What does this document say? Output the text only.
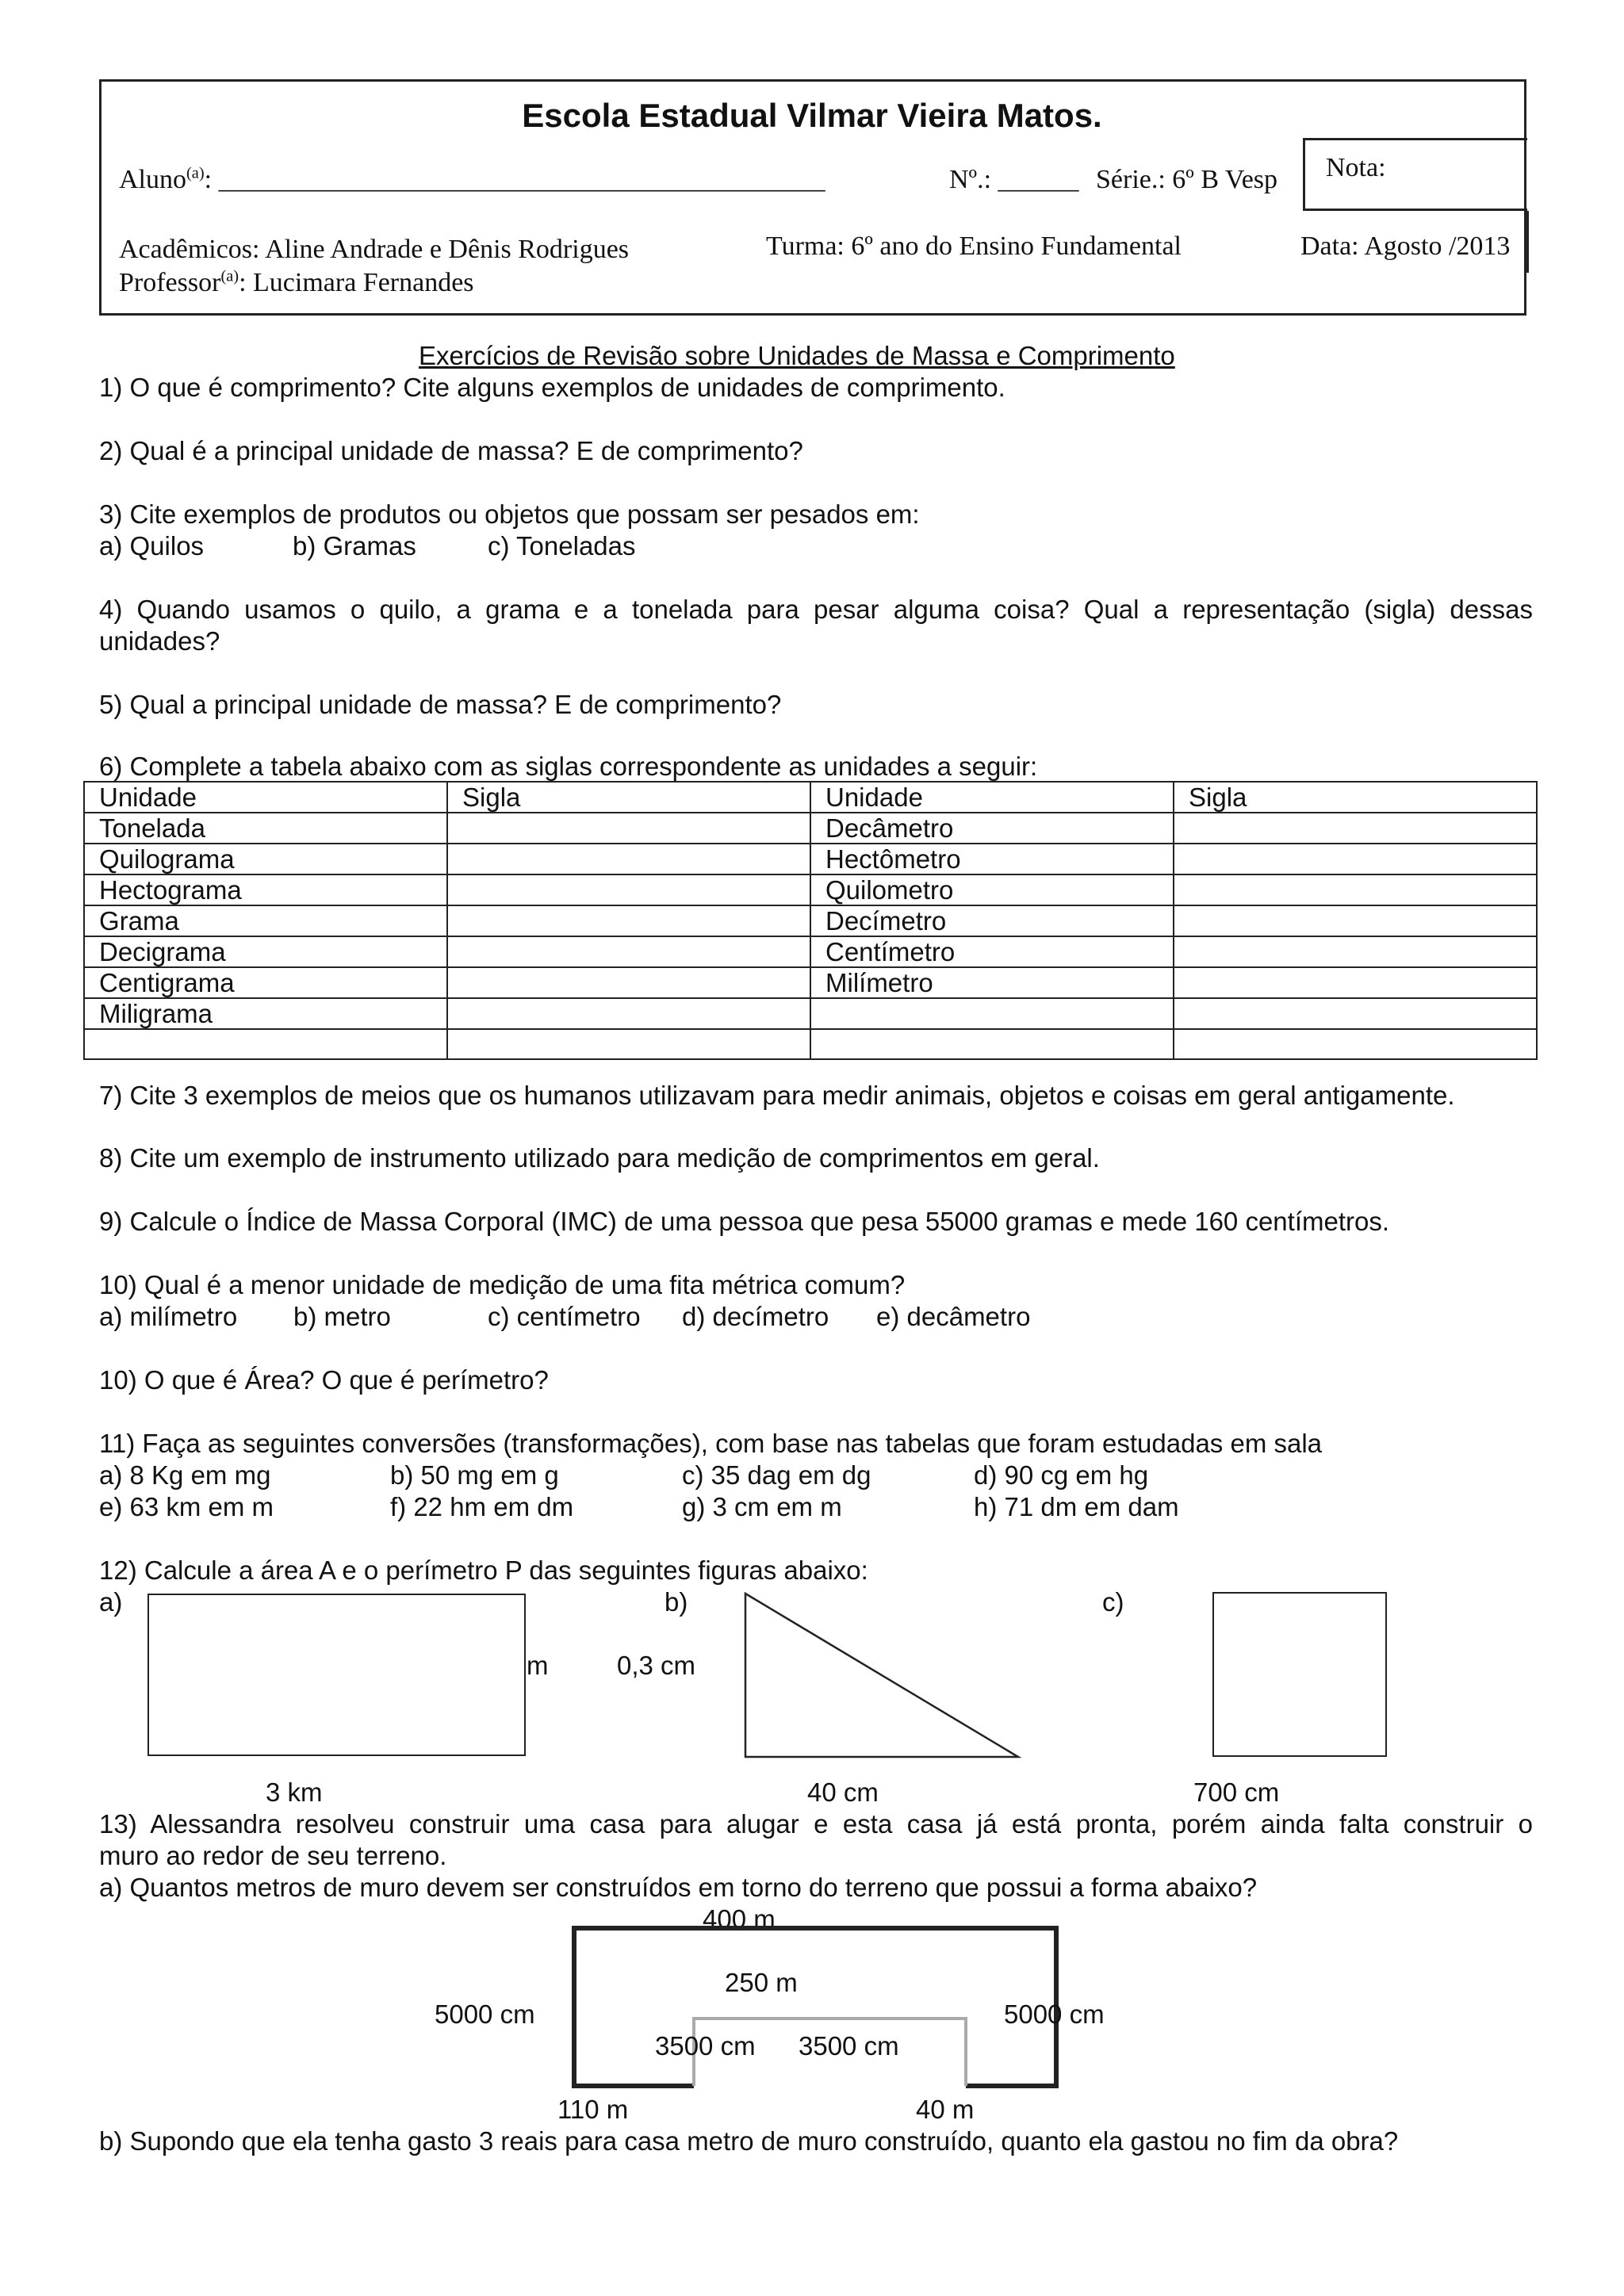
Escola Estadual Vilmar Vieira Matos.
Aluno$^{(a)}$: _____________________________________________	Nº.: ______ Série.: 6º B Vesp Nota:
Acadêmicos: Aline Andrade e Dênis Rodrigues	Turma: 6º ano do Ensino Fundamental	Data: Agosto /2013
Professor$^{(a)}$: Lucimara Fernandes
Exercícios de Revisão sobre Unidades de Massa e Comprimento
1) O que é comprimento? Cite alguns exemplos de unidades de comprimento.
2) Qual é a principal unidade de massa? E de comprimento?
3) Cite exemplos de produtos ou objetos que possam ser pesados em:
a) Quilos	b) Gramas	c) Toneladas
4) Quando usamos o quilo, a grama e a tonelada para pesar alguma coisa? Qual a representação (sigla) dessas
unidades?
5) Qual a principal unidade de massa? E de comprimento?
6) Complete a tabela abaixo com as siglas correspondente as unidades a seguir:
Unidade	Sigla	Unidade	Sigla
Tonelada		Decâmetro	
Quilograma		Hectômetro	
Hectograma		Quilometro	
Grama		Decímetro	
Decigrama		Centímetro	
Centigrama		Milímetro	
Miligrama			

7) Cite 3 exemplos de meios que os humanos utilizavam para medir animais, objetos e coisas em geral antigamente.
8) Cite um exemplo de instrumento utilizado para medição de comprimentos em geral.
9) Calcule o Índice de Massa Corporal (IMC) de uma pessoa que pesa 55000 gramas e mede 160 centímetros.
10) Qual é a menor unidade de medição de uma fita métrica comum?
a) milímetro b) metro	c) centímetro d) decímetro e) decâmetro
10) O que é Área? O que é perímetro?
11) Faça as seguintes conversões (transformações), com base nas tabelas que foram estudadas em sala
a) 8 Kg em mg	b) 50 mg em g	c) 35 dag em dg	d) 90 cg em hg
e) 63 km em m	f) 22 hm em dm	g) 3 cm em m	h) 71 dm em dam
12) Calcule a área A e o perímetro P das seguintes figuras abaixo:
a)	b)	c)
m	0,3 cm
3 km	40 cm	700 cm
13) Alessandra resolveu construir uma casa para alugar e esta casa já está pronta, porém ainda falta construir o
muro ao redor de seu terreno.
a) Quantos metros de muro devem ser construídos em torno do terreno que possui a forma abaixo?
400 m
250 m
5000 cm	5000 cm
3500 cm 3500 cm
110 m	40 m
b) Supondo que ela tenha gasto 3 reais para casa metro de muro construído, quanto ela gastou no fim da obra?
